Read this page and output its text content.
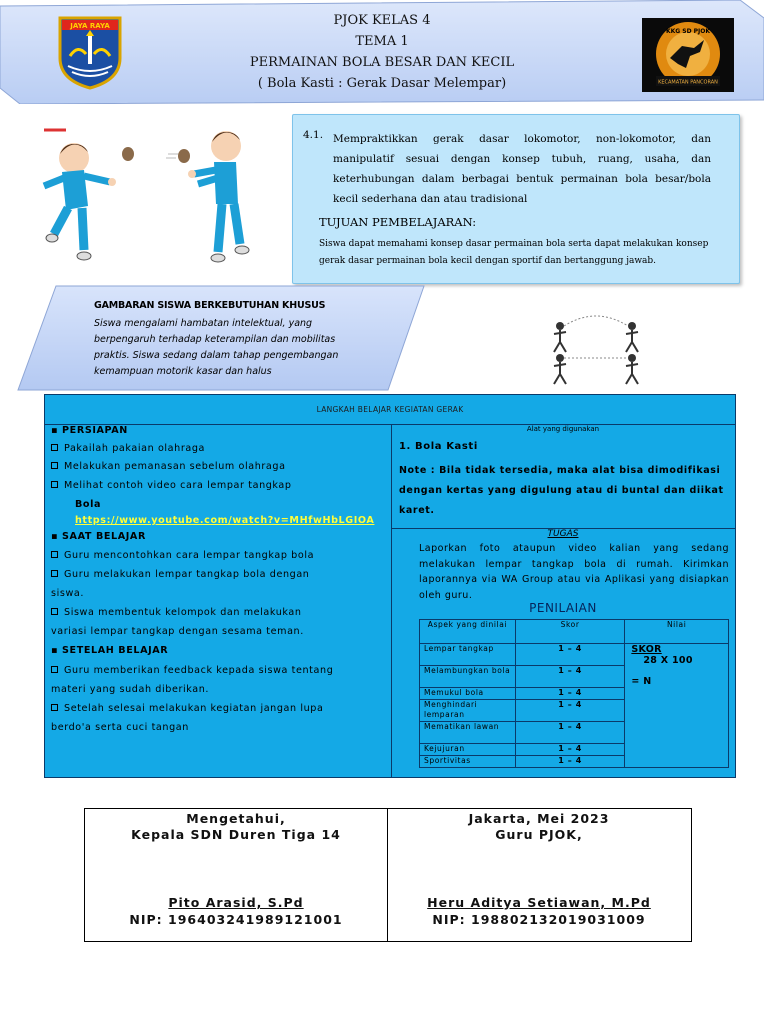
JAYA RAYA	PJOK KELAS 4
TEMA 1
PERMAINAN BOLA BESAR DAN KECIL
( Bola Kasti : Gerak Dasar Melempar)
KKG SD PJOK
KECAMATAN PANCORAN
4.1. Mempraktikkan gerak dasar lokomotor, non-lokomotor, dan manipulatif sesuai dengan konsep tubuh, ruang, usaha, dan keterhubungan dalam berbagai bentuk permainan bola besar/bola kecil sederhana dan atau tradisional
TUJUAN PEMBELAJARAN:
Siswa dapat memahami konsep dasar permainan bola serta dapat melakukan konsep gerak dasar permainan bola kecil dengan sportif dan bertanggung jawab.
GAMBARAN SISWA BERKEBUTUHAN KHUSUS
Siswa mengalami hambatan intelektual, yang
berpengaruh terhadap keterampilan dan mobilitas
praktis. Siswa sedang dalam tahap pengembangan
kemampuan motorik kasar dan halus
LANGKAH BELAJAR KEGIATAN GERAK
▪ PERSIAPAN
Pakailah pakaian olahraga
Melakukan pemanasan sebelum olahraga
Melihat contoh video cara lempar tangkap
Bola
https://www.youtube.com/watch?v=MHfwHbLGIOA
▪ SAAT BELAJAR
Guru mencontohkan cara lempar tangkap bola
Guru melakukan lempar tangkap bola dengan
siswa.
Siswa membentuk kelompok dan melakukan
variasi lempar tangkap dengan sesama teman.
▪ SETELAH BELAJAR
Guru memberikan feedback kepada siswa tentang
materi yang sudah diberikan.
Setelah selesai melakukan kegiatan jangan lupa
berdo'a serta cuci tangan
Alat yang digunakan
1. Bola Kasti
Note : Bila tidak tersedia, maka alat bisa dimodifikasi dengan kertas yang digulung atau di buntal dan diikat karet.
TUGAS
Laporkan foto ataupun video kalian yang sedang melakukan lempar tangkap bola di rumah. Kirimkan laporannya via WA Group atau via Aplikasi yang disiapkan oleh guru.
PENILAIAN
Aspek yang dinilai	Skor	Nilai
Lempar tangkap	1 – 4	SKOR
28 X 100
= N

Melambungkan bola	1 – 4	
Memukul bola	1 – 4	
Menghindari lemparan	1 – 4	
Mematikan lawan	1 – 4	
Kejujuran	1 – 4	
Sportivitas	1 – 4	
Mengetahui,
Kepala SDN Duren Tiga 14
Pito Arasid, S.Pd
NIP: 196403241989121001
Jakarta, Mei 2023
Guru PJOK,
Heru Aditya Setiawan, M.Pd
NIP: 198802132019031009
